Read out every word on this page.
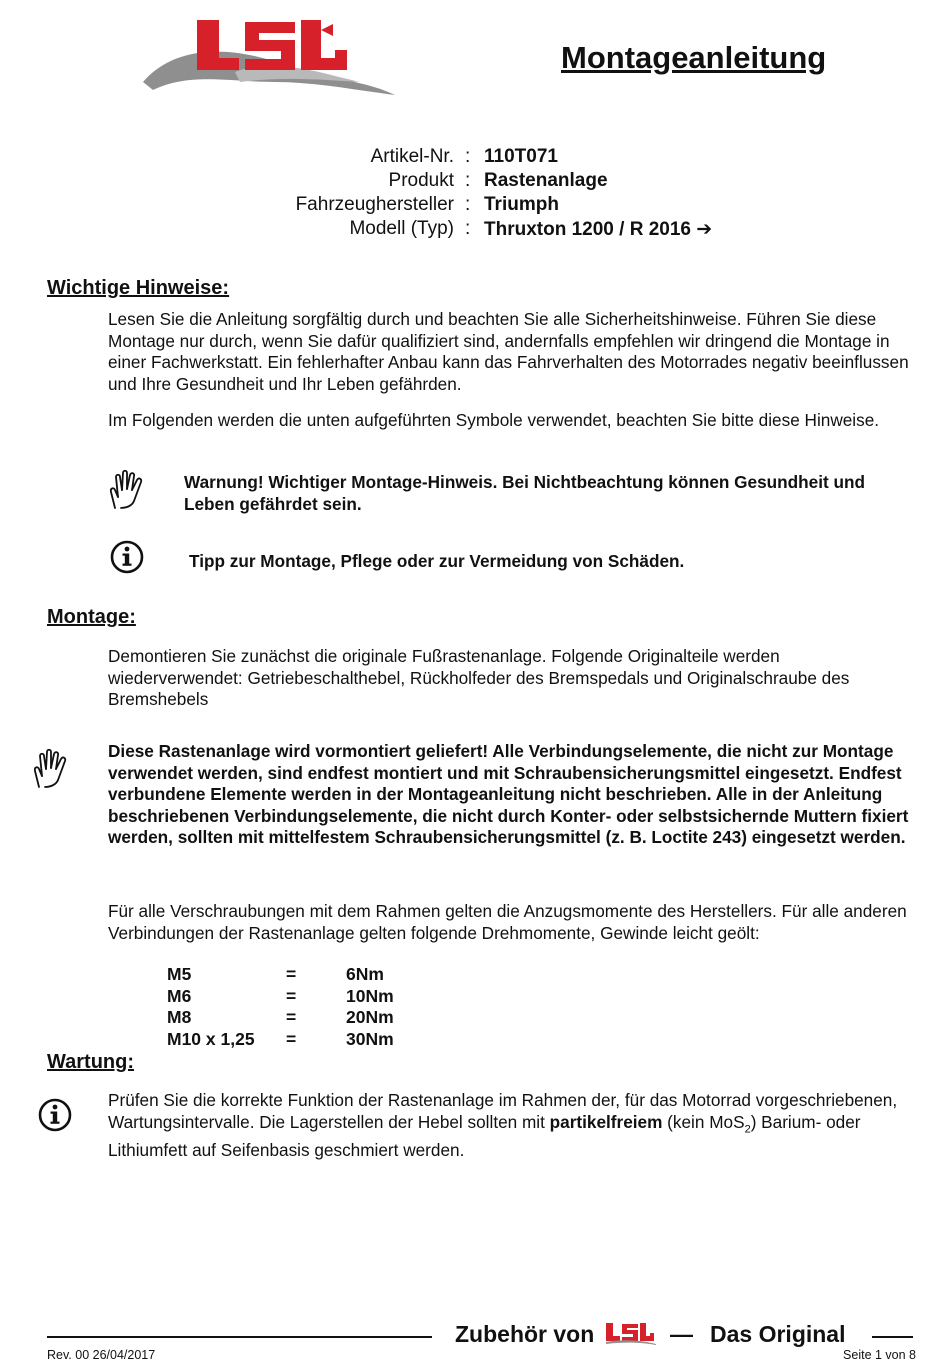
Montageanleitung
Artikel-Nr. : 110T071
Produkt : Rastenanlage
Fahrzeughersteller : Triumph
Modell (Typ) : Thruxton 1200 / R 2016 ➔
Wichtige Hinweise:
Lesen Sie die Anleitung sorgfältig durch und beachten Sie alle Sicherheitshinweise. Führen Sie diese Montage nur durch, wenn Sie dafür qualifiziert sind, andernfalls empfehlen wir dringend die Montage in einer Fachwerkstatt. Ein fehlerhafter Anbau kann das Fahrverhalten des Motorrades negativ beeinflussen und Ihre Gesundheit und Ihr Leben gefährden.
Im Folgenden werden die unten aufgeführten Symbole verwendet, beachten Sie bitte diese Hinweise.
Warnung! Wichtiger Montage-Hinweis. Bei Nichtbeachtung können Gesundheit und Leben gefährdet sein.
Tipp zur Montage, Pflege oder zur Vermeidung von Schäden.
Montage:
Demontieren Sie zunächst die originale Fußrastenanlage. Folgende Originalteile werden wiederverwendet: Getriebeschalthebel, Rückholfeder des Bremspedals und Originalschraube des Bremshebels
Diese Rastenanlage wird vormontiert geliefert! Alle Verbindungselemente, die nicht zur Montage verwendet werden, sind endfest montiert und mit Schraubensicherungsmittel eingesetzt. Endfest verbundene Elemente werden in der Montageanleitung nicht beschrieben. Alle in der Anleitung beschriebenen Verbindungselemente, die nicht durch Konter- oder selbstsichernde Muttern fixiert werden, sollten mit mittelfestem Schraubensicherungsmittel (z. B. Loctite 243) eingesetzt werden.
Für alle Verschraubungen mit dem Rahmen gelten die Anzugsmomente des Herstellers. Für alle anderen Verbindungen der Rastenanlage gelten folgende Drehmomente, Gewinde leicht geölt:
M5	=	6Nm
M6	=	10Nm
M8	=	20Nm
M10 x 1,25 =	30Nm
Wartung:
Prüfen Sie die korrekte Funktion der Rastenanlage im Rahmen der, für das Motorrad vorgeschriebenen, Wartungsintervalle. Die Lagerstellen der Hebel sollten mit partikelfreiem (kein MoS$_2$) Barium- oder Lithiumfett auf Seifenbasis geschmiert werden.
Zubehör von	— Das Original
Rev. 00 26/04/2017	Seite 1 von 8
